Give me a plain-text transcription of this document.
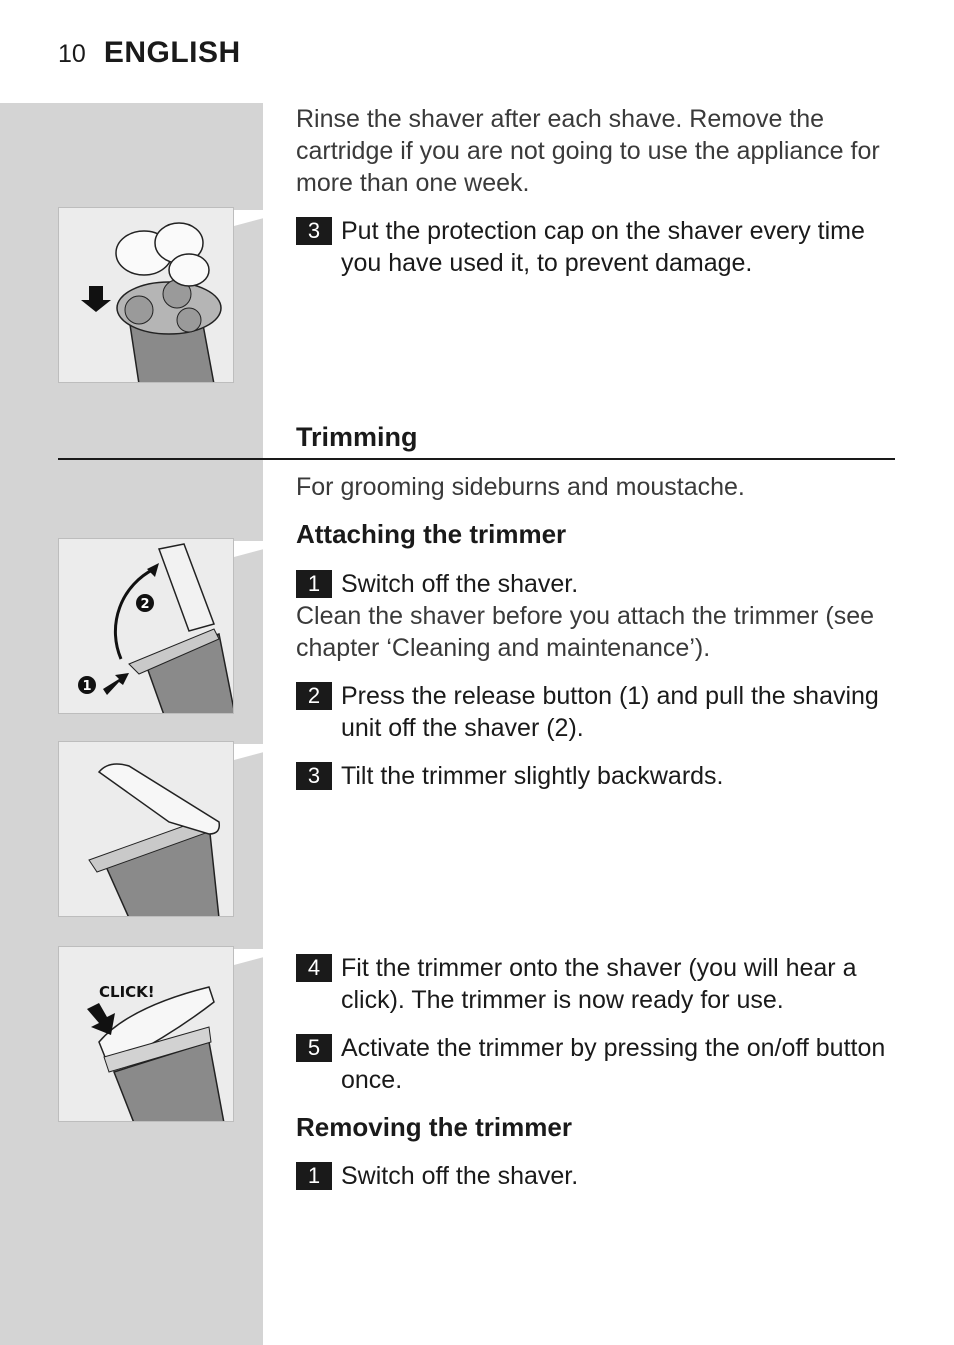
10 ENGLISH

Rinse the shaver after each shave. Remove the cartridge if you are not going to use the appliance for more than one week.

3 Put the protection cap on the shaver every time you have used it, to prevent damage.
Trimming

For grooming sideburns and moustache.

Attaching the trimmer
1 Switch off the shaver.

Clean the shaver before you attach the trimmer (see chapter ‘Cleaning and maintenance’).

2 Press the release button (1) and pull the shaving unit off the shaver (2).
3 Tilt the trimmer slightly backwards.
2
1
4 Fit the trimmer onto the shaver (you will hear a click). The trimmer is now ready for use.
5 Activate the trimmer by pressing the on/off button once.
CLICK!
Removing the trimmer
1 Switch off the shaver.
